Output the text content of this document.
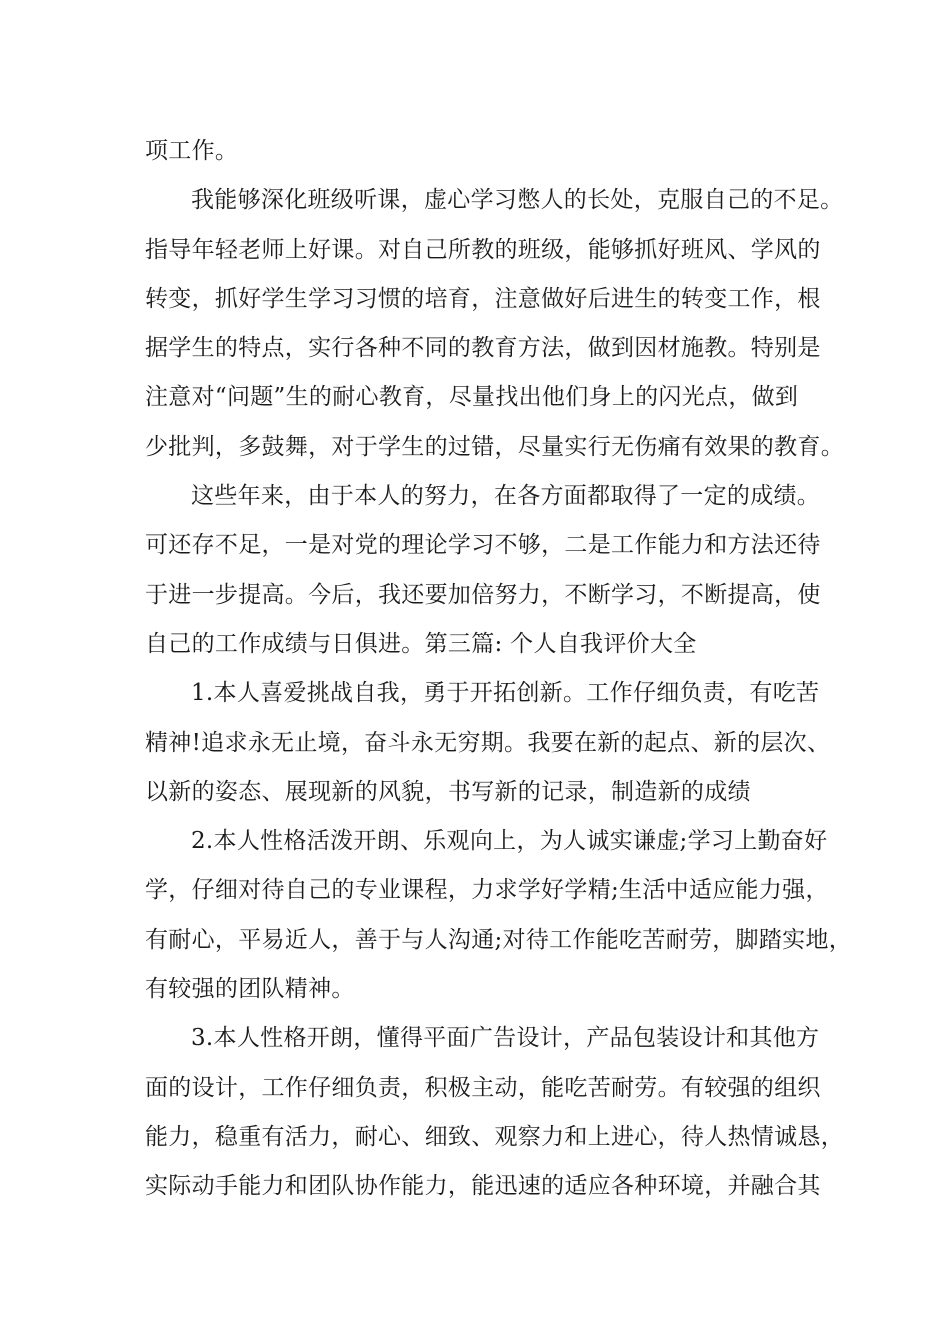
项工作。
我能够深化班级听课，虚心学习憋人的长处，克服自己的不足。
指导年轻老师上好课。对自己所教的班级，能够抓好班风、学风的
转变，抓好学生学习习惯的培育，注意做好后进生的转变工作，根
据学生的特点，实行各种不同的教育方法，做到因材施教。特别是
注意对“问题”生的耐心教育，尽量找出他们身上的闪光点，做到
少批判，多鼓舞，对于学生的过错，尽量实行无伤痛有效果的教育。
这些年来，由于本人的努力，在各方面都取得了一定的成绩。
可还存不足，一是对党的理论学习不够，二是工作能力和方法还待
于进一步提高。今后，我还要加倍努力，不断学习，不断提高，使
自己的工作成绩与日俱进。第三篇: 个人自我评价大全
1.本人喜爱挑战自我，勇于开拓创新。工作仔细负责，有吃苦
精神!追求永无止境，奋斗永无穷期。我要在新的起点、新的层次、
以新的姿态、展现新的风貌，书写新的记录，制造新的成绩
2.本人性格活泼开朗、乐观向上，为人诚实谦虚;学习上勤奋好
学，仔细对待自己的专业课程，力求学好学精;生活中适应能力强，
有耐心，平易近人，善于与人沟通;对待工作能吃苦耐劳，脚踏实地，
有较强的团队精神。
3.本人性格开朗，懂得平面广告设计，产品包装设计和其他方
面的设计，工作仔细负责，积极主动，能吃苦耐劳。有较强的组织
能力，稳重有活力，耐心、细致、观察力和上进心，待人热情诚恳，
实际动手能力和团队协作能力，能迅速的适应各种环境，并融合其
